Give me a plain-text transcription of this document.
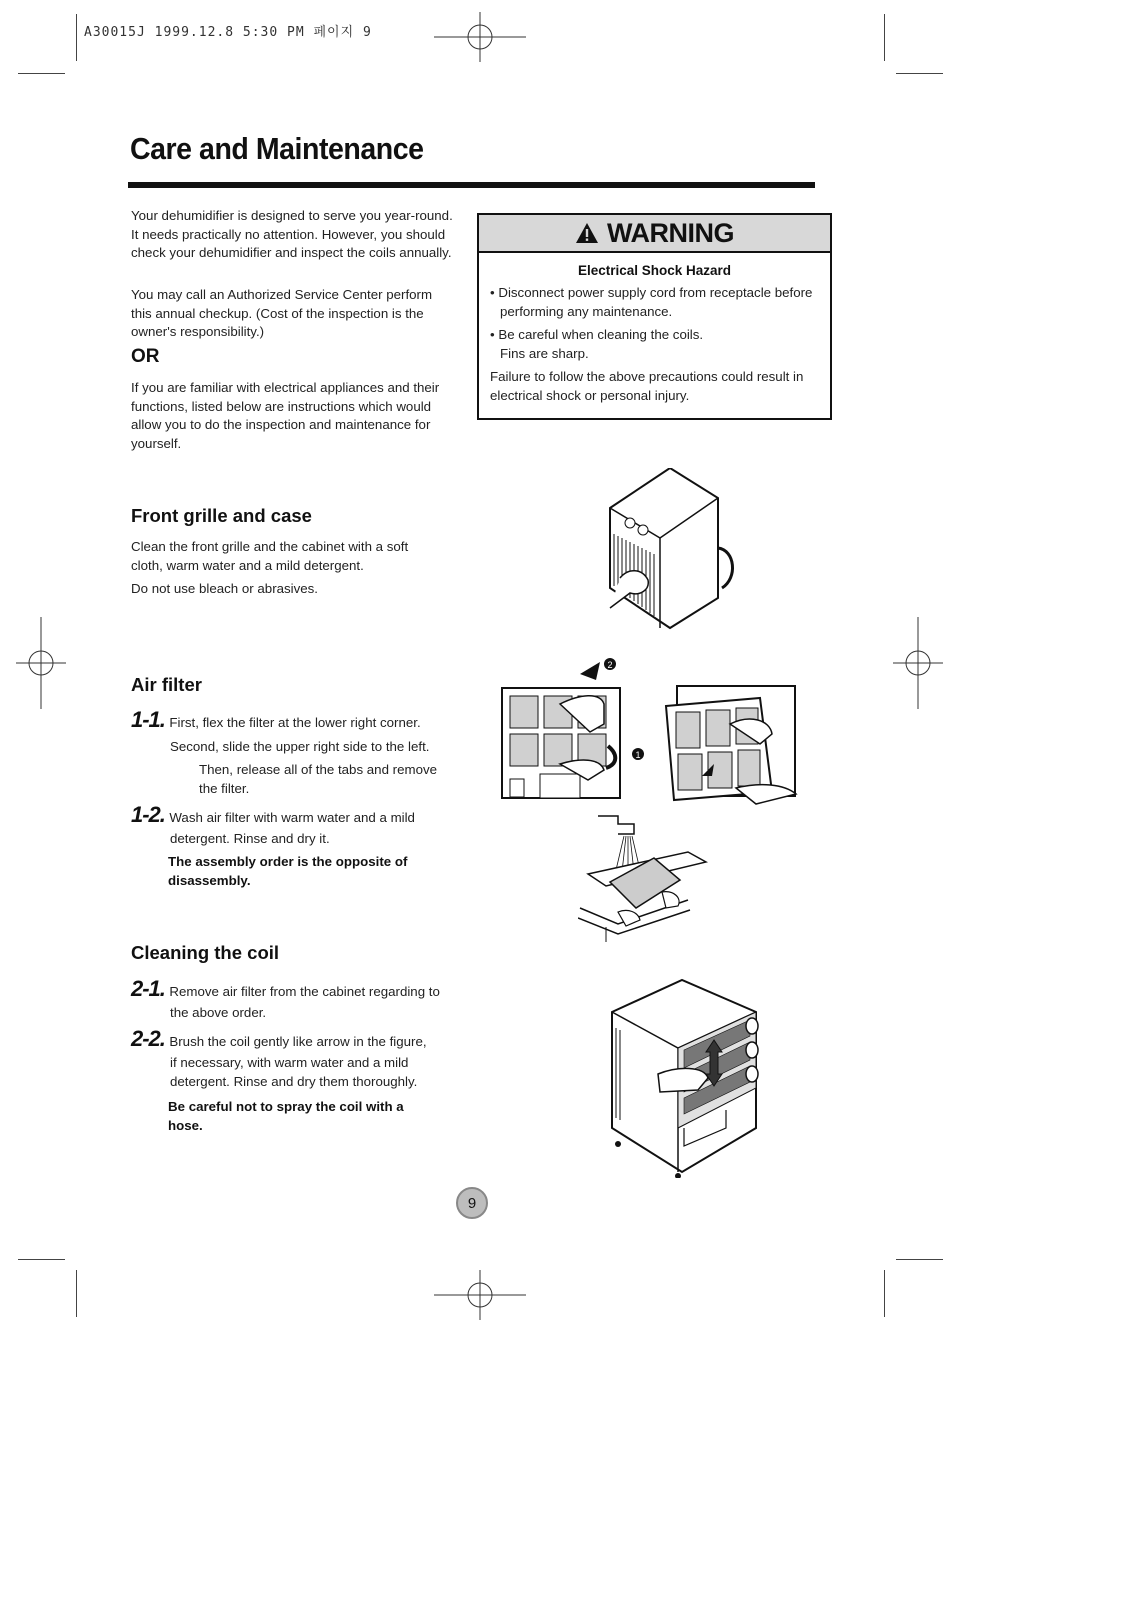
A30015J 1999.12.8 5:30 PM 페이지 9
Care and Maintenance
Your dehumidifier is designed to serve you year-round. It needs practically no attention. However, you should check your dehumidifier and inspect the coils annually.
You may call an Authorized Service Center perform this annual checkup. (Cost of the inspection is the owner's responsibility.)
OR
If you are familiar with electrical appliances and their functions, listed below are instructions which would allow you to do the inspection and maintenance for yourself.
WARNING
Electrical Shock Hazard

• Disconnect power supply cord from receptacle before performing any maintenance.

• Be careful when cleaning the coils.

Fins are sharp.

Failure to follow the above precautions could result in electrical shock or personal injury.

Front grille and case
Clean the front grille and the cabinet with a soft cloth, warm water and a mild detergent.
Do not use bleach or abrasives.
Air filter
1-1. First, flex the filter at the lower right corner.
Second, slide the upper right side to the left.
Then, release all of the tabs and remove
the filter.
1-2. Wash air filter with warm water and a mild
detergent. Rinse and dry it.
The assembly order is the opposite of disassembly.
2
1
Cleaning the coil
2-1. Remove air filter from the cabinet regarding to
the above order.
2-2. Brush the coil gently like arrow in the figure,
if necessary, with warm water and a mild
detergent. Rinse and dry them thoroughly.
Be careful not to spray the coil with a hose.
9
